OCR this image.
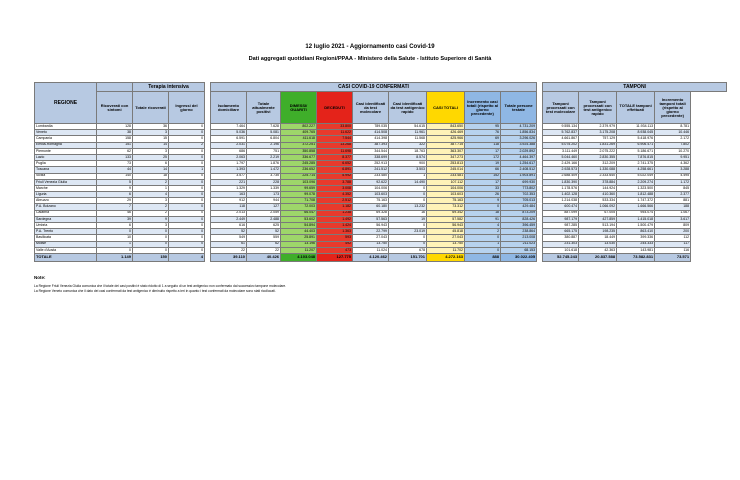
12 luglio 2021 - Aggiornamento casi Covid-19
Dati aggregati quotidiani Regioni/PPAA - Ministero della Salute - Istituto Superiore di Sanità
REGIONE		Terapia intensiva			CASI COVID-19 CONFERMATI										TAMPONI			
	Ricoverati con sintomi	Totale ricoverati	Ingressi del giorno		Isolamento domiciliare	Totale attualmente positivi	DIMESSI/ GUARITI	DECEDUTI	Casi identificati da test molecolare	Casi identificati da test antigenico rapido	CASI TOTALI	Incremento casi totali (rispetto al giorno precedente)	Totale persone testate		Tamponi processati con test molecolare	Tamponi processati con test antigenico rapido	TOTALE tamponi effettuati	Incremento tamponi totali (rispetto al giorno precedente)
Lombardia	128	36	0		7.464	7.628	802.227	33.800	789.035	54.615	843.650	95	4.731.209		9.555.134	2.379.979	11.934.113	8.781
Veneto	38	3	0		5.036	5.081	409.765	11.622	414.508	11.961	426.469	76	1.856.834		5.762.837	3.175.208	8.938.045	10.446
Campania	158	15	0		6.591	6.804	411.618	7.544	414.398	11.568	425.966	69	3.296.026		4.661.867	757.129	5.418.976	2.172
Emilia-Romagna	151	14	2		2.031	2.196	372.251	13.268	387.393	322	387.715	118	3.924.388		5.075.202	1.831.269	6.906.471	7.802
Piemonte	62	3	0		686	751	350.858	11.698	344.544	18.763	363.307	17	2.029.892		3.111.449	2.075.222	5.186.671	10.270
Lazio	133	25	0		2.063	2.219	336.677	8.377	338.699	8.574	347.273	172	4.464.397		5.044.460	2.830.355	7.876.815	9.951
Puglia	73	6	0		1.797	1.876	245.285	6.652	252.913	900	253.813	19	1.254.617		2.429.166	312.209	2.741.375	4.362
Toscana	44	14	1		1.393	1.472	236.652	6.891	241.512	3.503	245.014	66	2.408.512		2.928.573	1.330.088	4.258.661	3.288
Sicilia	140	18	0		3.577	3.735	225.714	5.992	233.480	1	233.481	152	1.903.891		2.688.409	2.333.640	5.022.049	4.495
Friuli Venezia Giulia	5	2	0		221	228	103.096	3.788	92.622	14.490	107.112	17	699.930		1.830.390	378.884	2.209.274	1.172
Marche	9	1	0		1.329	1.339	99.659	3.008	104.006	0	104.006	33	773.802		1.178.576	144.924	1.323.500	845
Liguria	6	4	0		163	173	99.078	4.352	103.603	0	103.603	26	702.353		1.402.128	410.360	1.812.488	2.377
Abruzzo	29	3	0		912	944	71.708	2.512	75.163	0	75.163	9	705.013		1.214.038	533.334	1.747.372	881
P.A. Bolzano	7	2	0		118	127	72.003	1.182	60.180	13.232	73.312	0	429.484		600.474	1.066.092	1.666.566	188
Calabria	46	2	0		2.013	2.059	66.047	1.238	69.328	16	69.342	18	873.209		887.099	67.005	954.074	1.067
Sardegna	39	9	0		2.449	2.488	53.602	1.492	57.563	19	57.582	91	828.426		987.179	427.859	1.415.018	3.617
Umbria	6	3	0		616	625	54.894	1.424	56.943	0	56.943	4	396.459		987.285	513.194	1.500.479	809
P.A. Trento	0	0	0		52	52	44.403	1.363	22.799	23.019	45.818	2	238.864		665.175	198.235	863.410	200
Basilicata	10	0	0		549	559	25.891	593	27.043	0	27.043	0	213.008		380.887	18.449	399.336	112
Molise	1	0	0		61	62	13.196	492	13.750	0	13.750	1	211.023		231.303	13.030	244.333	117
Valle d'Aosta	0	0	0		22	22	11.207	473	11.024	678	11.702	0	68.153		101.618	42.363	143.981	116
TOTALE	1.149	150	4		39.110	40.426	4.103.048	127.775	4.120.462	151.701	4.272.163	888	30.022.405		52.745.243	20.837.588	73.582.831	73.571
Note:
La Regione Friuli Venezia Giulia comunica che il totale dei casi positivi è stato ridotto di 1 a seguito di un test antigenico non confermato dal successivo tampone molecolare.
La Regione Veneto comunica che il dato dei casi confermati da test antigenico è diminuito rispetto a ieri in quanto i test confermati da molecolare sono stati ricollocati.
